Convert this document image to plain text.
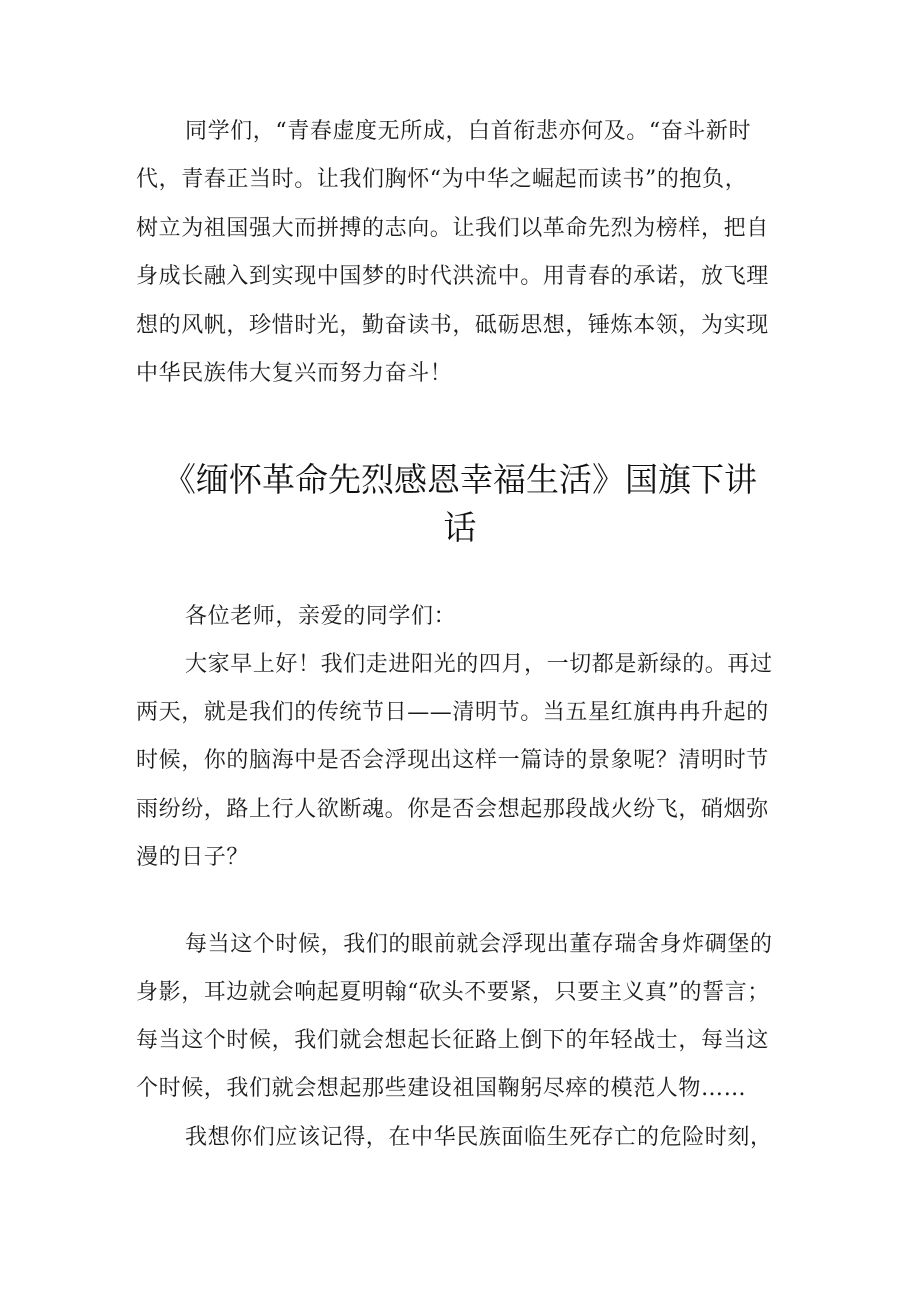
同学们，“青春虚度无所成，白首衔悲亦何及。“奋斗新时
代，青春正当时。让我们胸怀“为中华之崛起而读书”的抱负，
树立为祖国强大而拼搏的志向。让我们以革命先烈为榜样，把自
身成长融入到实现中国梦的时代洪流中。用青春的承诺，放飞理
想的风帆，珍惜时光，勤奋读书，砥砺思想，锤炼本领，为实现
中华民族伟大复兴而努力奋斗！
《缅怀革命先烈感恩幸福生活》国旗下讲
话
各位老师，亲爱的同学们：
大家早上好！我们走进阳光的四月，一切都是新绿的。再过
两天，就是我们的传统节日——清明节。当五星红旗冉冉升起的
时候，你的脑海中是否会浮现出这样一篇诗的景象呢？清明时节
雨纷纷，路上行人欲断魂。你是否会想起那段战火纷飞，硝烟弥
漫的日子？
每当这个时候，我们的眼前就会浮现出董存瑞舍身炸碉堡的
身影，耳边就会响起夏明翰“砍头不要紧，只要主义真”的誓言；
每当这个时候，我们就会想起长征路上倒下的年轻战士，每当这
个时候，我们就会想起那些建设祖国鞠躬尽瘁的模范人物……
我想你们应该记得，在中华民族面临生死存亡的危险时刻，
